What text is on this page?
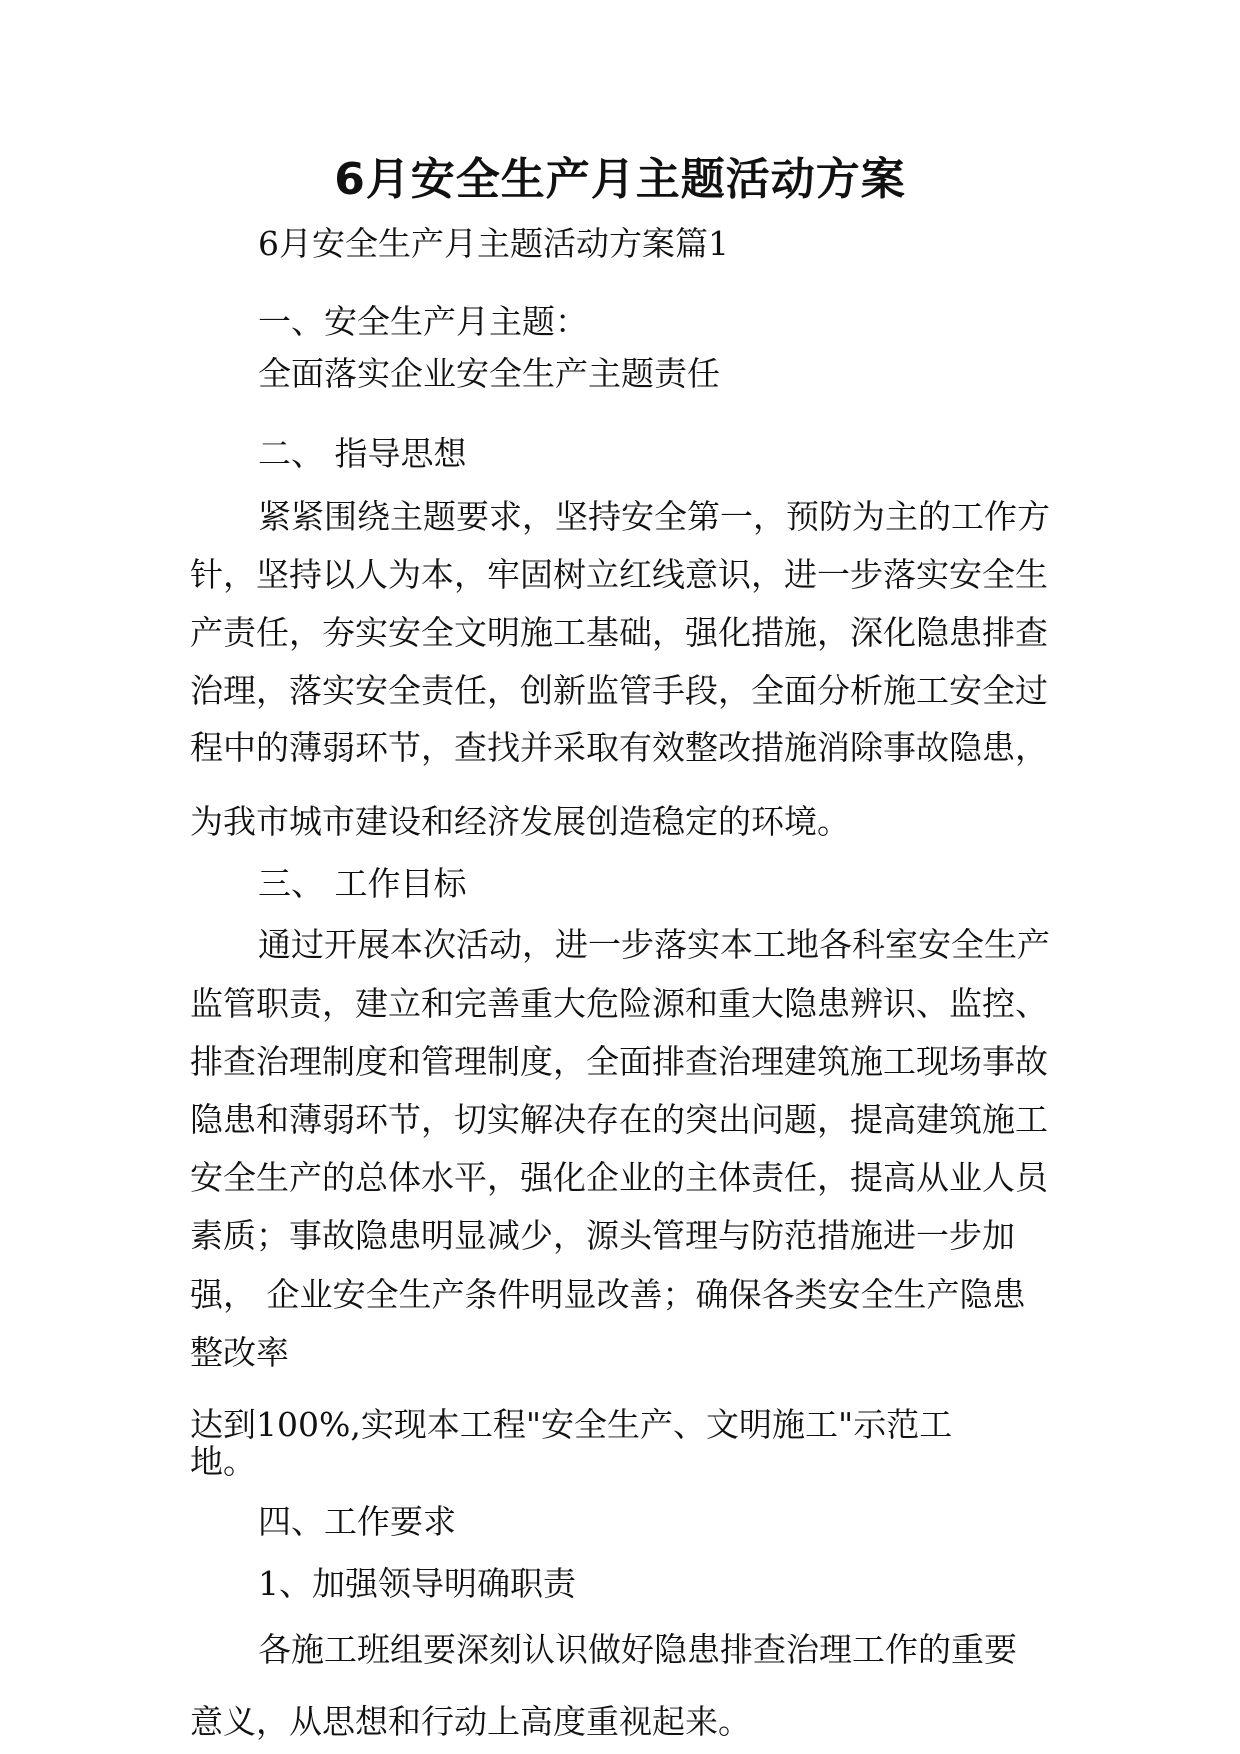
6月安全生产月主题活动方案
6月安全生产月主题活动方案篇1
一、安全生产月主题：
全面落实企业安全生产主题责任
二、 指导思想
紧紧围绕主题要求，坚持安全第一，预防为主的工作方
针，坚持以人为本，牢固树立红线意识，进一步落实安全生
产责任，夯实安全文明施工基础，强化措施，深化隐患排查
治理，落实安全责任，创新监管手段，全面分析施工安全过
程中的薄弱环节，查找并采取有效整改措施消除事故隐患，
为我市城市建设和经济发展创造稳定的环境。
三、 工作目标
通过开展本次活动，进一步落实本工地各科室安全生产
监管职责，建立和完善重大危险源和重大隐患辨识、监控、
排查治理制度和管理制度，全面排查治理建筑施工现场事故
隐患和薄弱环节，切实解决存在的突出问题，提高建筑施工
安全生产的总体水平，强化企业的主体责任，提高从业人员
素质；事故隐患明显减少，源头管理与防范措施进一步加
强， 企业安全生产条件明显改善；确保各类安全生产隐患
整改率
达到100%,实现本工程"安全生产、文明施工"示范工
地。
四、工作要求
1、加强领导明确职责
各施工班组要深刻认识做好隐患排查治理工作的重要
意义，从思想和行动上高度重视起来。
